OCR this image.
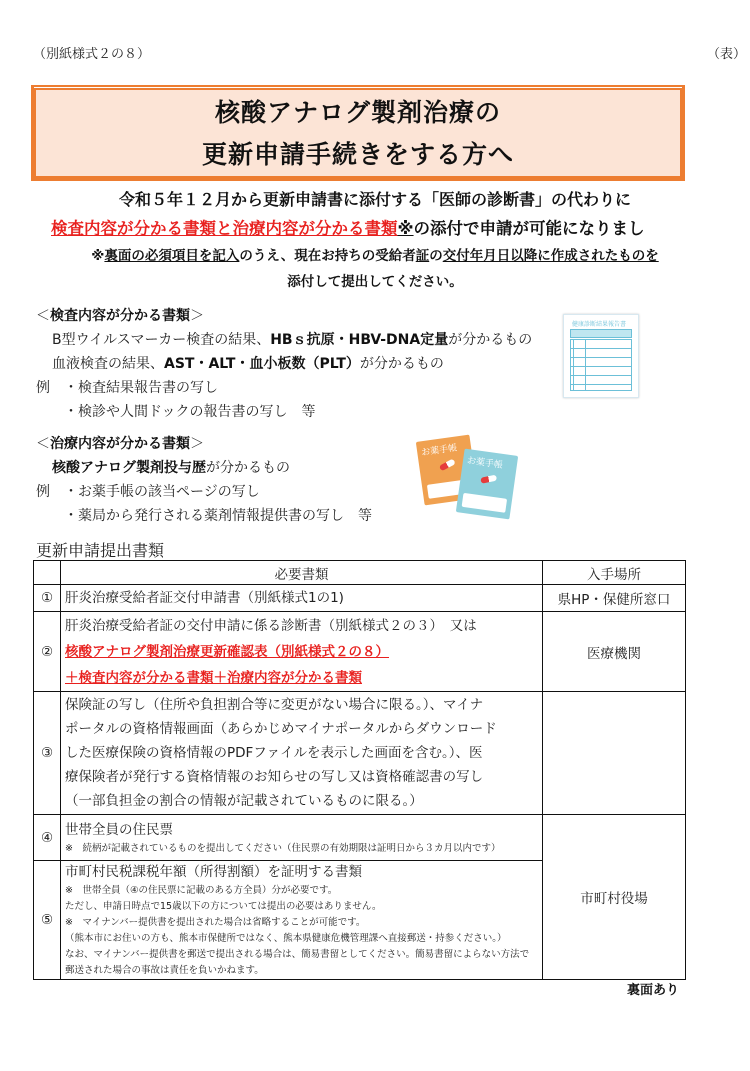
（別紙様式２の８）	（表）
核酸アナログ製剤治療の
更新申請手続きをする方へ
令和５年１２月から更新申請書に添付する「医師の診断書」の代わりに
検査内容が分かる書類と治療内容が分かる書類※の添付で申請が可能になりまし
※裏面の必須項目を記入のうえ、現在お持ちの受給者証の交付年月日以降に作成されたものを
添付して提出してください。
＜検査内容が分かる書類＞
B型ウイルスマーカー検査の結果、HBｓ抗原・HBV-DNA定量が分かるもの
血液検査の結果、AST・ALT・血小板数（PLT）が分かるもの
例 ・検査結果報告書の写し
・検診や人間ドックの報告書の写し　等
健康診断結果報告書
＜治療内容が分かる書類＞
核酸アナログ製剤投与歴が分かるもの
例 ・お薬手帳の該当ページの写し
・薬局から発行される薬剤情報提供書の写し　等
お薬手帳
お薬手帳
更新申請提出書類
	必要書類	入手場所
①	肝炎治療受給者証交付申請書（別紙様式1の1)	県HP・保健所窓口
②	肝炎治療受給者証の交付申請に係る診断書（別紙様式２の３）　又は
核酸アナログ製剤治療更新確認表（別紙様式２の８）
＋検査内容が分かる書類＋治療内容が分かる書類	医療機関
③	保険証の写し（住所や負担割合等に変更がない場合に限る。）、マイナ
ポータルの資格情報画面（あらかじめマイナポータルからダウンロード
した医療保険の資格情報のPDFファイルを表示した画面を含む。）、医
療保険者が発行する資格情報のお知らせの写し又は資格確認書の写し
（一部負担金の割合の情報が記載されているものに限る。）	

④	世帯全員の住民票
※　続柄が記載されているものを提出してください（住民票の有効期限は証明日から３カ月以内です）	市町村役場
⑤	
市町村民税課税年額（所得割額）を証明する書類
※　世帯全員（④の住民票に記載のある方全員）分が必要です。
ただし、申請日時点で15歳以下の方については提出の必要はありません。
※　マイナンバー提供書を提出された場合は省略することが可能です。
（熊本市にお住いの方も、熊本市保健所ではなく、熊本県健康危機管理課へ直接郵送・持参ください。）
なお、マイナンバー提供書を郵送で提出される場合は、簡易書留としてください。簡易書留によらない方法で
郵送された場合の事故は責任を負いかねます。
裏面あり
